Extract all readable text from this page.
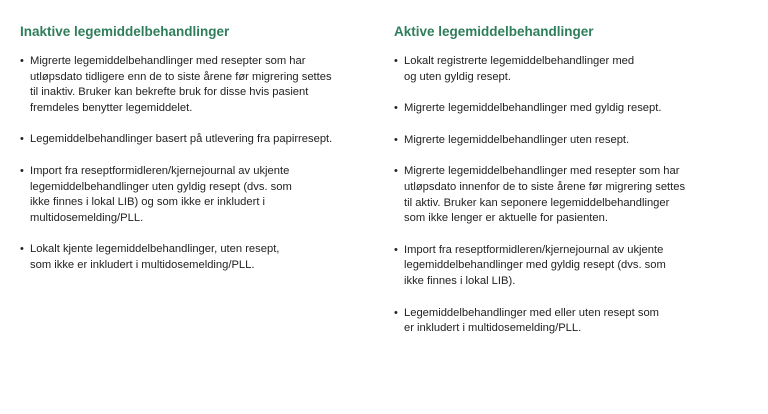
Inaktive legemiddelbehandlinger
• Migrerte legemiddelbehandlinger med resepter som har
utløpsdato tidligere enn de to siste årene før migrering settes
til inaktiv. Bruker kan bekrefte bruk for disse hvis pasient
fremdeles benytter legemiddelet.
• Legemiddelbehandlinger basert på utlevering fra papirresept.
• Import fra reseptformidleren/kjernejournal av ukjente
legemiddelbehandlinger uten gyldig resept (dvs. som
ikke finnes i lokal LIB) og som ikke er inkludert i
multidosemelding/PLL.
• Lokalt kjente legemiddelbehandlinger, uten resept,
som ikke er inkludert i multidosemelding/PLL.
Aktive legemiddelbehandlinger
• Lokalt registrerte legemiddelbehandlinger med
og uten gyldig resept.
• Migrerte legemiddelbehandlinger med gyldig resept.
• Migrerte legemiddelbehandlinger uten resept.
• Migrerte legemiddelbehandlinger med resepter som har
utløpsdato innenfor de to siste årene før migrering settes
til aktiv. Bruker kan seponere legemiddelbehandlinger
som ikke lenger er aktuelle for pasienten.
• Import fra reseptformidleren/kjernejournal av ukjente
legemiddelbehandlinger med gyldig resept (dvs. som
ikke finnes i lokal LIB).
• Legemiddelbehandlinger med eller uten resept som
er inkludert i multidosemelding/PLL.
